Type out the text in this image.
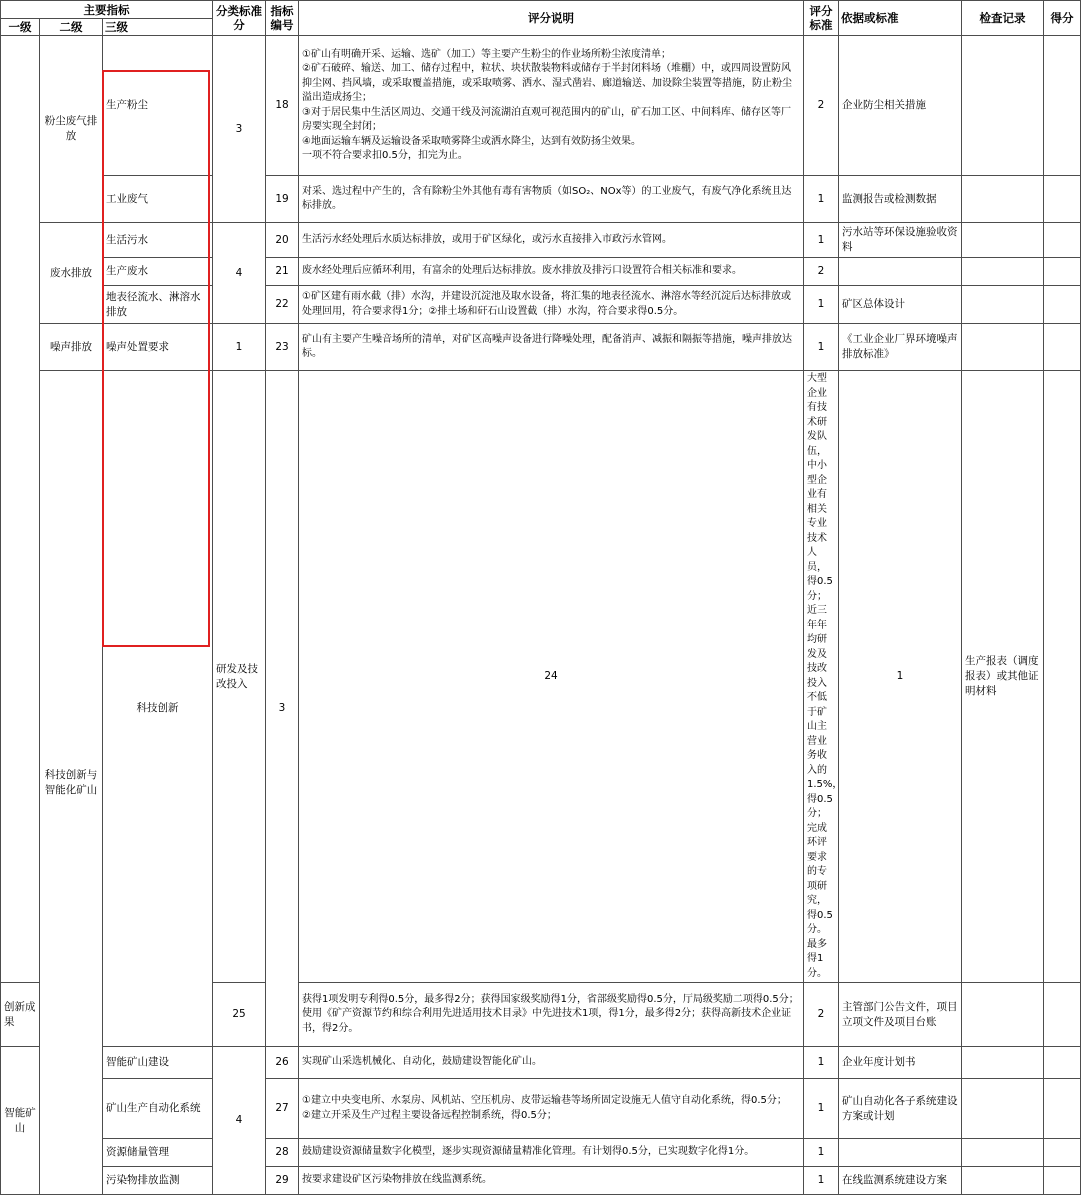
主要指标			分类标准分	指标编号	评分说明	评分标准	依据或标准	检查记录	得分	
一级	二级	三级								
	粉尘废气排放	生产粉尘	3	18	①矿山有明确开采、运输、选矿（加工）等主要产生粉尘的作业场所粉尘浓度清单；
②矿石破碎、输送、加工、储存过程中，粒状、块状散装物料或储存于半封闭料场（堆棚）中，或四周设置防风抑尘网、挡风墙，或采取覆盖措施，或采取喷雾、洒水、湿式凿岩、廊道输送、加设除尘装置等措施，防止粉尘溢出造成扬尘；
③对于居民集中生活区周边、交通干线及河流湖泊直观可视范围内的矿山，矿石加工区、中间料库、储存区等厂房要实现全封闭；
④地面运输车辆及运输设备采取喷雾降尘或洒水降尘，达到有效防扬尘效果。
一项不符合要求扣0.5分，扣完为止。	2	企业防尘相关措施			
		工业废气		19	对采、选过程中产生的，含有除粉尘外其他有毒有害物质（如SO₂、NOx等）的工业废气，有废气净化系统且达标排放。	1	监测报告或检测数据			
	废水排放	生活污水	4	20	生活污水经处理后水质达标排放，或用于矿区绿化，或污水直接排入市政污水管网。	1	污水站等环保设施验收资料			
		生产废水		21	废水经处理后应循环利用，有富余的处理后达标排放。废水排放及排污口设置符合相关标准和要求。	2				
		地表径流水、淋溶水排放		22	①矿区建有雨水截（排）水沟，并建设沉淀池及取水设备，将汇集的地表径流水、淋溶水等经沉淀后达标排放或处理回用，符合要求得1分；②排土场和矸石山设置截（排）水沟，符合要求得0.5分。	1	矿区总体设计			
	噪声排放	噪声处置要求	1	23	矿山有主要产生噪音场所的清单，对矿区高噪声设备进行降噪处理，配备消声、减振和隔振等措施，噪声排放达标。	1	《工业企业厂界环境噪声排放标准》			
	科技创新与智能化矿山	科技创新	研发及技改投入	3	24	大型企业有技术研发队伍，中小型企业有相关专业技术人员，得0.5分；近三年年均研发及技改投入不低于矿山主营业务收入的1.5%，得0.5分；完成环评要求的专项研究，得0.5分。最多得1分。	1	生产报表（调度报表）或其他证明材料		
创新成果			25		获得1项发明专利得0.5分，最多得2分；获得国家级奖励得1分，省部级奖励得0.5分，厅局级奖励二项得0.5分；使用《矿产资源节约和综合利用先进适用技术目录》中先进技术1项，得1分，最多得2分；获得高新技术企业证书，得2分。	2	主管部门公告文件，项目立项文件及项目台账			
智能矿山		智能矿山建设	4	26	实现矿山采选机械化、自动化，鼓励建设智能化矿山。	1	企业年度计划书			
		矿山生产自动化系统		27	①建立中央变电所、水泵房、风机站、空压机房、皮带运输巷等场所固定设施无人值守自动化系统，得0.5分；
②建立开采及生产过程主要设备远程控制系统，得0.5分；	1	矿山自动化各子系统建设方案或计划			
		资源储量管理		28	鼓励建设资源储量数字化模型，逐步实现资源储量精准化管理。有计划得0.5分，已实现数字化得1分。	1				
		污染物排放监测		29	按要求建设矿区污染物排放在线监测系统。	1	在线监测系统建设方案			
